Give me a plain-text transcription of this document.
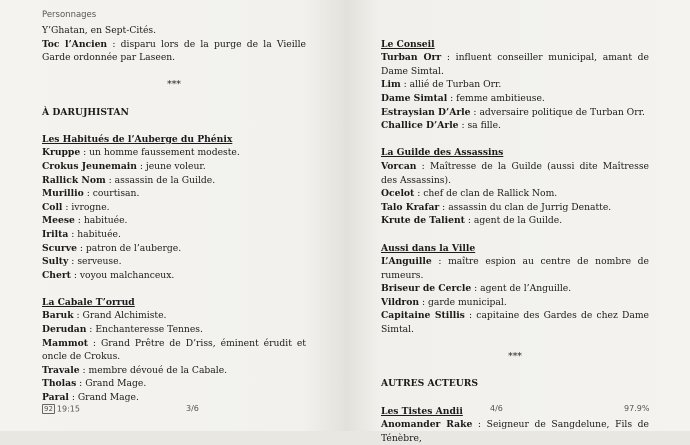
Personnages

Y’Ghatan, en Sept-Cités.

Toc l’Ancien : disparu lors de la purge de la Vieille Garde ordonnée par Laseen.

***

À DARUJHISTAN

Les Habitués de l’Auberge du Phénix

Kruppe : un homme faussement modeste.

Crokus Jeunemain : jeune voleur.

Rallick Nom : assassin de la Guilde.

Murillio : courtisan.

Coll : ivrogne.

Meese : habituée.

Irilta : habituée.

Scurve : patron de l’auberge.

Sulty : serveuse.

Chert : voyou malchanceux.

La Cabale T’orrud

Baruk : Grand Alchimiste.

Derudan : Enchanteresse Tennes.

Mammot : Grand Prêtre de D’riss, éminent érudit et oncle de Crokus.

Travale : membre dévoué de la Cabale.

Tholas : Grand Mage.

Paral : Grand Mage.

92 19:15	3/6

Le Conseil

Turban Orr : influent conseiller municipal, amant de Dame Simtal.

Lim : allié de Turban Orr.

Dame Simtal : femme ambitieuse.

Estraysian D’Arle : adversaire politique de Turban Orr.

Challice D’Arle : sa fille.

La Guilde des Assassins

Vorcan : Maîtresse de la Guilde (aussi dite Maîtresse des Assassins).

Ocelot : chef de clan de Rallick Nom.

Talo Krafar : assassin du clan de Jurrig Denatte.

Krute de Talient : agent de la Guilde.

Aussi dans la Ville

L’Anguille : maître espion au centre de nombre de rumeurs.

Briseur de Cercle : agent de l’Anguille.

Vildron : garde municipal.

Capitaine Stillis : capitaine des Gardes de chez Dame Simtal.

***

AUTRES ACTEURS

Les Tistes Andii

Anomander Rake : Seigneur de Sangdelune, Fils de Ténèbre,

4/6	97.9%
